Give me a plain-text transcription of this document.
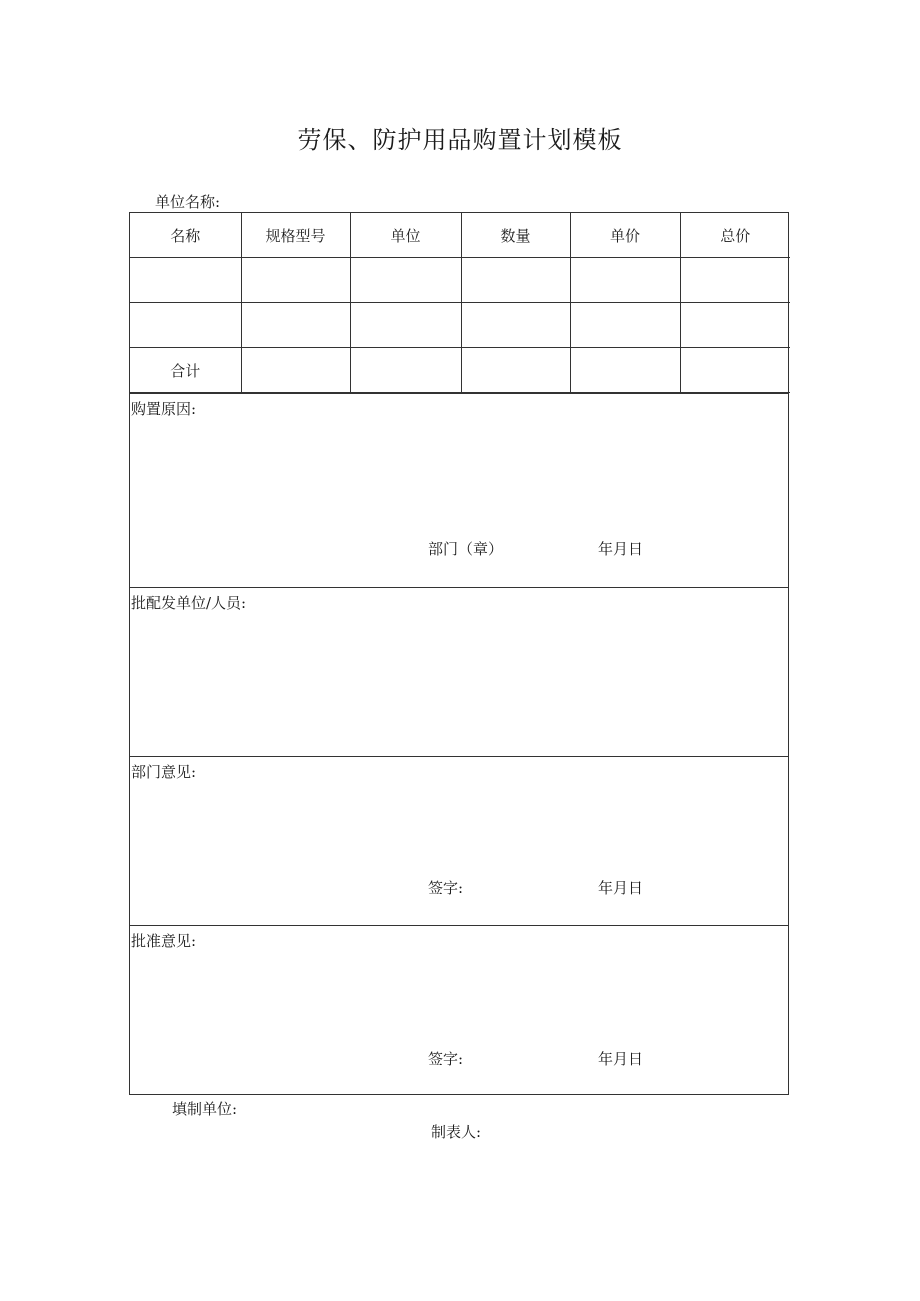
劳保、防护用品购置计划模板
单位名称:
名称	规格型号	单位	数量	单价	总价

合计					
购置原因:
部门（章）	年月日
批配发单位/人员:
部门意见:
签字:	年月日
批准意见:
签字:	年月日
填制单位:
制表人:
